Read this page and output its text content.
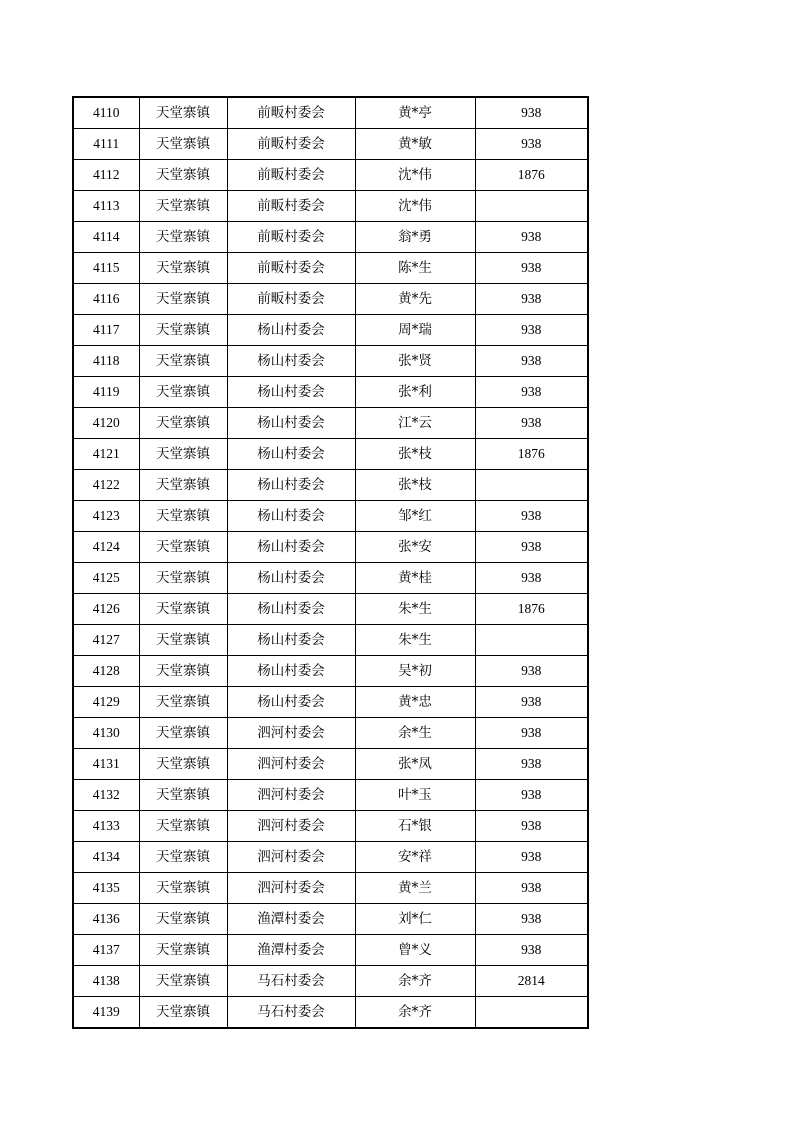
4110	天堂寨镇	前畈村委会	黄*亭	938
4111	天堂寨镇	前畈村委会	黄*敏	938
4112	天堂寨镇	前畈村委会	沈*伟	1876
4113	天堂寨镇	前畈村委会	沈*伟	
4114	天堂寨镇	前畈村委会	翁*勇	938
4115	天堂寨镇	前畈村委会	陈*生	938
4116	天堂寨镇	前畈村委会	黄*先	938
4117	天堂寨镇	杨山村委会	周*瑞	938
4118	天堂寨镇	杨山村委会	张*贤	938
4119	天堂寨镇	杨山村委会	张*利	938
4120	天堂寨镇	杨山村委会	江*云	938
4121	天堂寨镇	杨山村委会	张*枝	1876
4122	天堂寨镇	杨山村委会	张*枝	
4123	天堂寨镇	杨山村委会	邹*红	938
4124	天堂寨镇	杨山村委会	张*安	938
4125	天堂寨镇	杨山村委会	黄*桂	938
4126	天堂寨镇	杨山村委会	朱*生	1876
4127	天堂寨镇	杨山村委会	朱*生	
4128	天堂寨镇	杨山村委会	吴*初	938
4129	天堂寨镇	杨山村委会	黄*忠	938
4130	天堂寨镇	泗河村委会	余*生	938
4131	天堂寨镇	泗河村委会	张*凤	938
4132	天堂寨镇	泗河村委会	叶*玉	938
4133	天堂寨镇	泗河村委会	石*银	938
4134	天堂寨镇	泗河村委会	安*祥	938
4135	天堂寨镇	泗河村委会	黄*兰	938
4136	天堂寨镇	渔潭村委会	刘*仁	938
4137	天堂寨镇	渔潭村委会	曾*义	938
4138	天堂寨镇	马石村委会	余*齐	2814
4139	天堂寨镇	马石村委会	余*齐	
